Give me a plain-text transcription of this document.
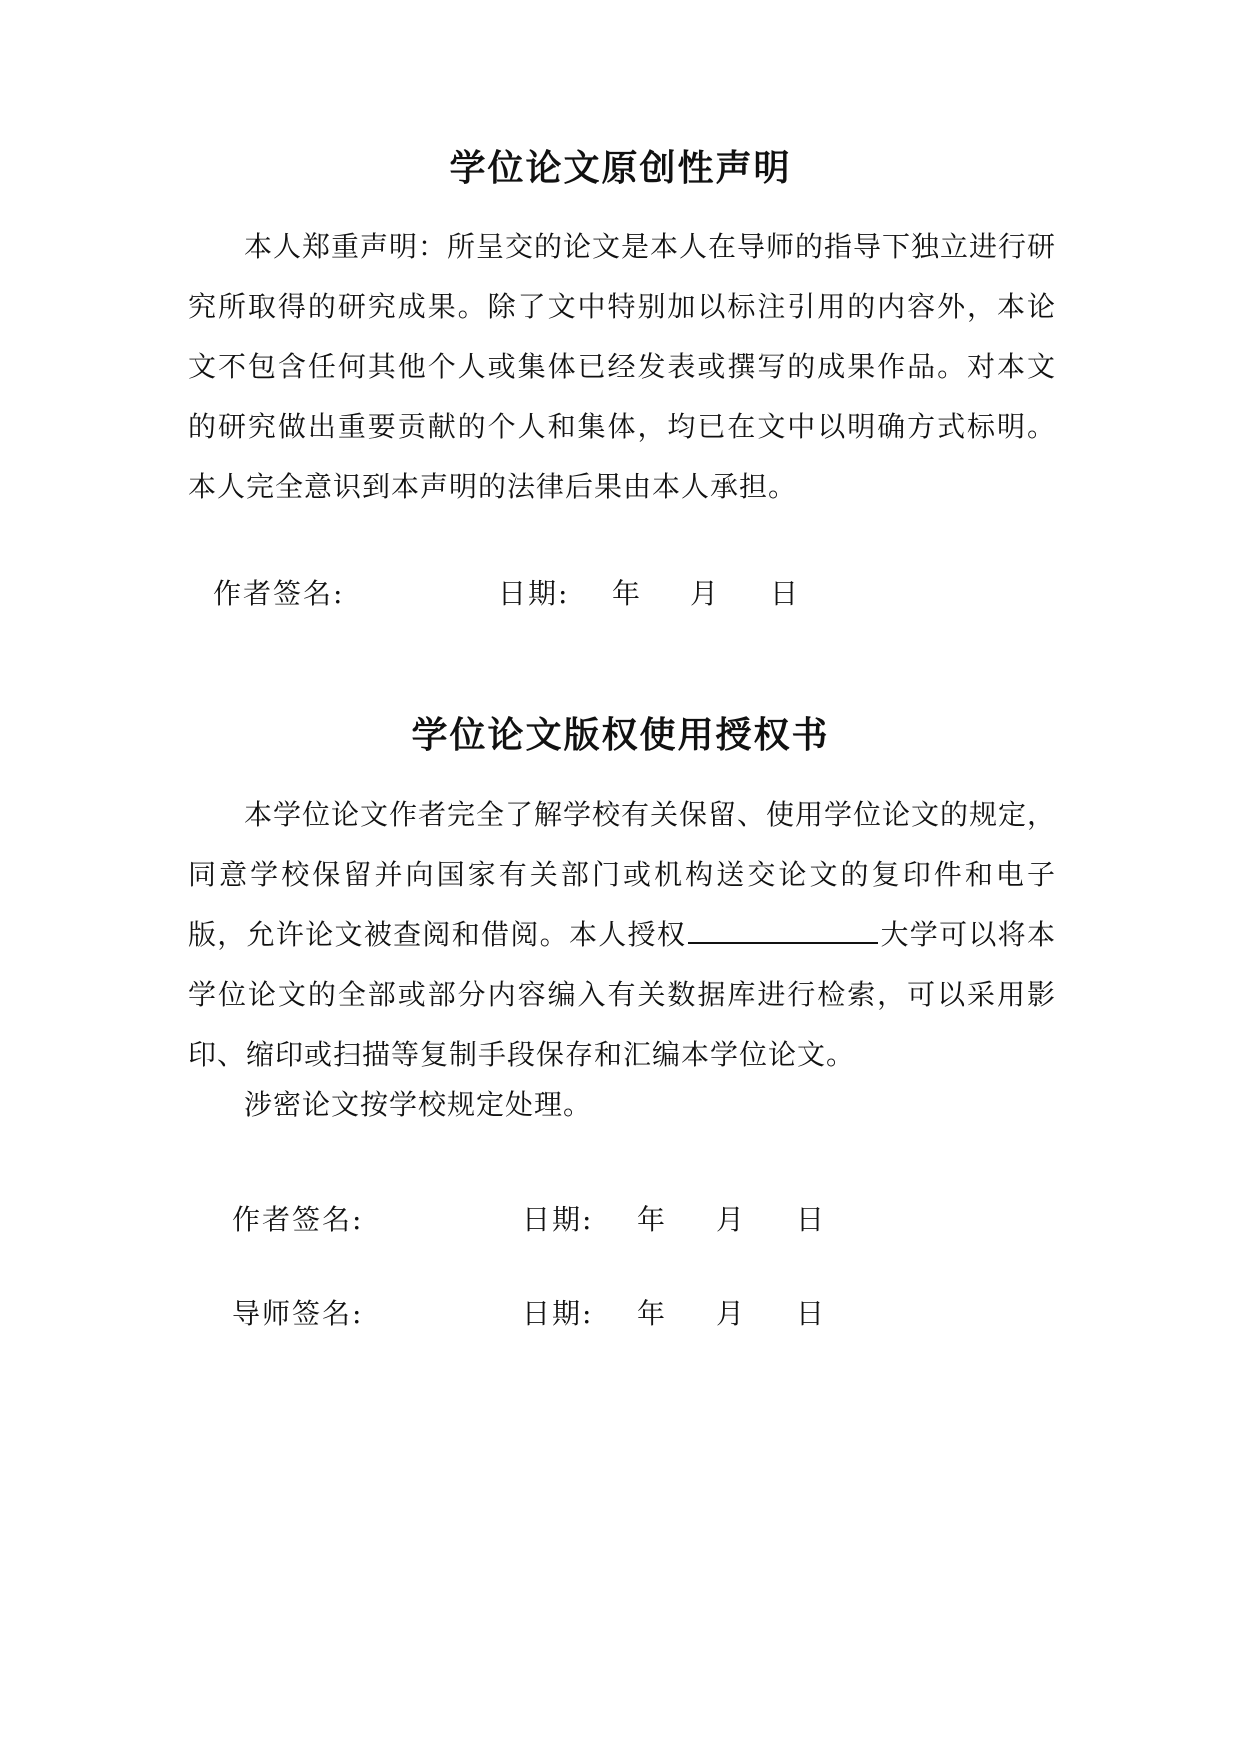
学位论文原创性声明

本人郑重声明：所呈交的论文是本人在导师的指导下独立进行研究所取得的研究成果。除了文中特别加以标注引用的内容外，本论文不包含任何其他个人或集体已经发表或撰写的成果作品。对本文的研究做出重要贡献的个人和集体，均已在文中以明确方式标明。本人完全意识到本声明的法律后果由本人承担。

作者签名:	日期: 年 月 日
学位论文版权使用授权书

本学位论文作者完全了解学校有关保留、使用学位论文的规定，同意学校保留并向国家有关部门或机构送交论文的复印件和电子版，允许论文被查阅和借阅。本人授权	大学可以将本学位论文的全部或部分内容编入有关数据库进行检索，可以采用影印、缩印或扫描等复制手段保存和汇编本学位论文。

涉密论文按学校规定处理。

作者签名:	日期: 年 月 日
导师签名:	日期: 年 月 日
